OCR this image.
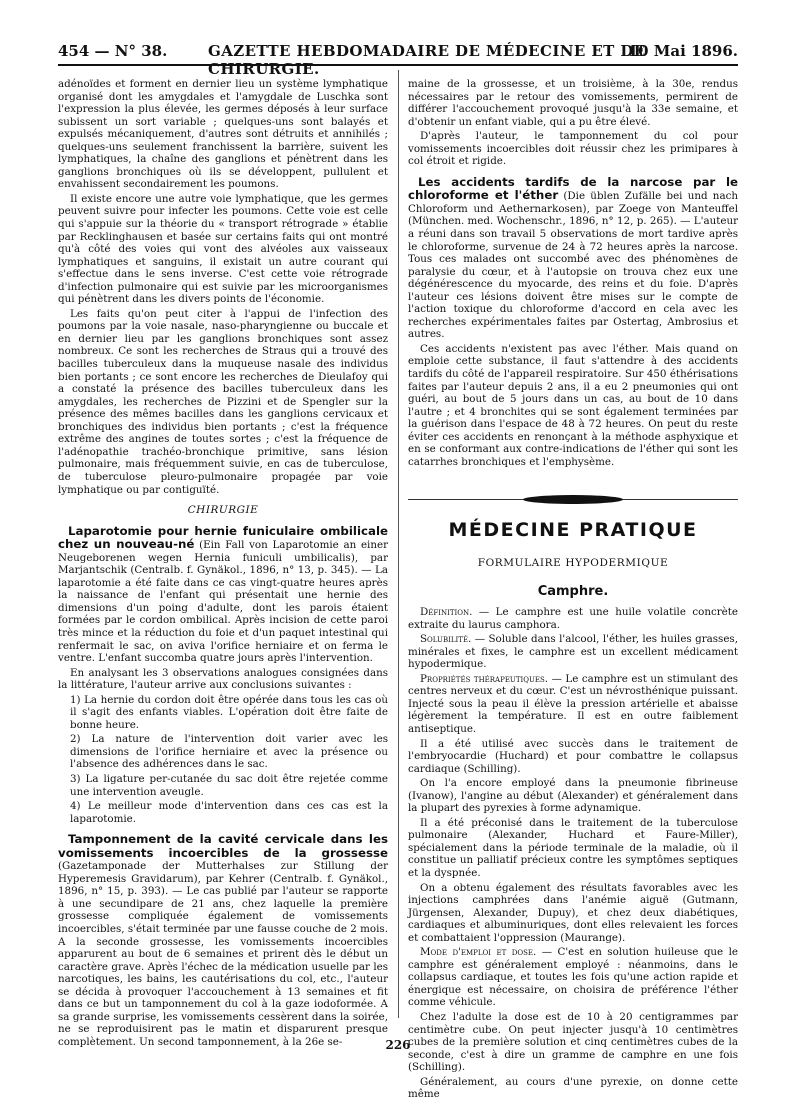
454 — N° 38.	GAZETTE HEBDOMADAIRE DE MÉDECINE ET DE CHIRURGIE.
10 Mai 1896.

adénoïdes et forment en dernier lieu un système lymphatique organisé dont les amygdales et l'amygdale de Luschka sont l'expression la plus élevée, les germes déposés à leur surface subissent un sort variable ; quelques-uns sont balayés et expulsés mécaniquement, d'autres sont détruits et annihilés ; quelques-uns seulement franchissent la barrière, suivent les lymphatiques, la chaîne des ganglions et pénètrent dans les ganglions bronchiques où ils se développent, pullulent et envahissent secondairement les poumons.

Il existe encore une autre voie lymphatique, que les germes peuvent suivre pour infecter les poumons. Cette voie est celle qui s'appuie sur la théorie du « transport rétrograde » établie par Recklinghausen et basée sur certains faits qui ont montré qu'à côté des voies qui vont des alvéoles aux vaisseaux lymphatiques et sanguins, il existait un autre courant qui s'effectue dans le sens inverse. C'est cette voie rétrograde d'infection pulmonaire qui est suivie par les microorganismes qui pénètrent dans les divers points de l'économie.

Les faits qu'on peut citer à l'appui de l'infection des poumons par la voie nasale, naso-pharyngienne ou buccale et en dernier lieu par les ganglions bronchiques sont assez nombreux. Ce sont les recherches de Straus qui a trouvé des bacilles tuberculeux dans la muqueuse nasale des individus bien portants ; ce sont encore les recherches de Dieulafoy qui a constaté la présence des bacilles tuberculeux dans les amygdales, les recherches de Pizzini et de Spengler sur la présence des mêmes bacilles dans les ganglions cervicaux et bronchiques des individus bien portants ; c'est la fréquence extrême des angines de toutes sortes ; c'est la fréquence de l'adénopathie trachéo-bronchique primitive, sans lésion pulmonaire, mais fréquemment suivie, en cas de tuberculose, de tuberculose pleuro-pulmonaire propagée par voie lymphatique ou par contiguïté.

CHIRURGIE

Laparotomie pour hernie funiculaire ombilicale chez un nouveau-né (Ein Fall von Laparotomie an einer Neugeborenen wegen Hernia funiculi umbilicalis), par Marjantschik (Centralb. f. Gynäkol., 1896, n° 13, p. 345). — La laparotomie a été faite dans ce cas vingt-quatre heures après la naissance de l'enfant qui présentait une hernie des dimensions d'un poing d'adulte, dont les parois étaient formées par le cordon ombilical. Après incision de cette paroi très mince et la réduction du foie et d'un paquet intestinal qui renfermait le sac, on aviva l'orifice herniaire et on ferma le ventre. L'enfant succomba quatre jours après l'intervention.

En analysant les 3 observations analogues consignées dans la littérature, l'auteur arrive aux conclusions suivantes :

1) La hernie du cordon doit être opérée dans tous les cas où il s'agit des enfants viables. L'opération doit être faite de bonne heure.

2) La nature de l'intervention doit varier avec les dimensions de l'orifice herniaire et avec la présence ou l'absence des adhérences dans le sac.

3) La ligature per-cutanée du sac doit être rejetée comme une intervention aveugle.

4) Le meilleur mode d'intervention dans ces cas est la laparotomie.

Tamponnement de la cavité cervicale dans les vomissements incoercibles de la grossesse (Gazetamponade der Mutterhalses zur Stillung der Hyperemesis Gravidarum), par Kehrer (Centralb. f. Gynäkol., 1896, n° 15, p. 393). — Le cas publié par l'auteur se rapporte à une secundipare de 21 ans, chez laquelle la première grossesse compliquée également de vomissements incoercibles, s'était terminée par une fausse couche de 2 mois. A la seconde grossesse, les vomissements incoercibles apparurent au bout de 6 semaines et prirent dès le début un caractère grave. Après l'échec de la médication usuelle par les narcotiques, les bains, les cautérisations du col, etc., l'auteur se décida à provoquer l'accouchement à 13 semaines et fit dans ce but un tamponnement du col à la gaze iodoformée. A sa grande surprise, les vomissements cessèrent dans la soirée, ne se reproduisirent pas le matin et disparurent presque complètement. Un second tamponnement, à la 26e se-

maine de la grossesse, et un troisième, à la 30e, rendus nécessaires par le retour des vomissements, permirent de différer l'accouchement provoqué jusqu'à la 33e semaine, et d'obtenir un enfant viable, qui a pu être élevé.

D'après l'auteur, le tamponnement du col pour vomissements incoercibles doit réussir chez les primipares à col étroit et rigide.

Les accidents tardifs de la narcose par le chloroforme et l'éther (Die üblen Zufälle bei und nach Chloroform und Aethernarkosen), par Zoege von Manteuffel (München. med. Wochenschr., 1896, n° 12, p. 265). — L'auteur a réuni dans son travail 5 observations de mort tardive après le chloroforme, survenue de 24 à 72 heures après la narcose. Tous ces malades ont succombé avec des phénomènes de paralysie du cœur, et à l'autopsie on trouva chez eux une dégénérescence du myocarde, des reins et du foie. D'après l'auteur ces lésions doivent être mises sur le compte de l'action toxique du chloroforme d'accord en cela avec les recherches expérimentales faites par Ostertag, Ambrosius et autres.

Ces accidents n'existent pas avec l'éther. Mais quand on emploie cette substance, il faut s'attendre à des accidents tardifs du côté de l'appareil respiratoire. Sur 450 éthérisations faites par l'auteur depuis 2 ans, il a eu 2 pneumonies qui ont guéri, au bout de 5 jours dans un cas, au bout de 10 dans l'autre ; et 4 bronchites qui se sont également terminées par la guérison dans l'espace de 48 à 72 heures. On peut du reste éviter ces accidents en renonçant à la méthode asphyxique et en se conformant aux contre-indications de l'éther qui sont les catarrhes bronchiques et l'emphysème.

MÉDECINE PRATIQUE
FORMULAIRE HYPODERMIQUE
Camphre.

Définition. — Le camphre est une huile volatile concrète extraite du laurus camphora.

Solubilité. — Soluble dans l'alcool, l'éther, les huiles grasses, minérales et fixes, le camphre est un excellent médicament hypodermique.

Propriétés thérapeutiques. — Le camphre est un stimulant des centres nerveux et du cœur. C'est un névrosthénique puissant. Injecté sous la peau il élève la pression artérielle et abaisse légèrement la température. Il est en outre faiblement antiseptique.

Il a été utilisé avec succès dans le traitement de l'embryocardie (Huchard) et pour combattre le collapsus cardiaque (Schilling).

On l'a encore employé dans la pneumonie fibrineuse (Ivanow), l'angine au début (Alexander) et généralement dans la plupart des pyrexies à forme adynamique.

Il a été préconisé dans le traitement de la tuberculose pulmonaire (Alexander, Huchard et Faure-Miller), spécialement dans la période terminale de la maladie, où il constitue un palliatif précieux contre les symptômes septiques et la dyspnée.

On a obtenu également des résultats favorables avec les injections camphrées dans l'anémie aiguë (Gutmann, Jürgensen, Alexander, Dupuy), et chez deux diabétiques, cardiaques et albuminuriques, dont elles relevaient les forces et combattaient l'oppression (Maurange).

Mode d'emploi et dose. — C'est en solution huileuse que le camphre est généralement employé : néanmoins, dans le collapsus cardiaque, et toutes les fois qu'une action rapide et énergique est nécessaire, on choisira de préférence l'éther comme véhicule.

Chez l'adulte la dose est de 10 à 20 centigrammes par centimètre cube. On peut injecter jusqu'à 10 centimètres cubes de la première solution et cinq centimètres cubes de la seconde, c'est à dire un gramme de camphre en une fois (Schilling).

Généralement, au cours d'une pyrexie, on donne cette même

226
